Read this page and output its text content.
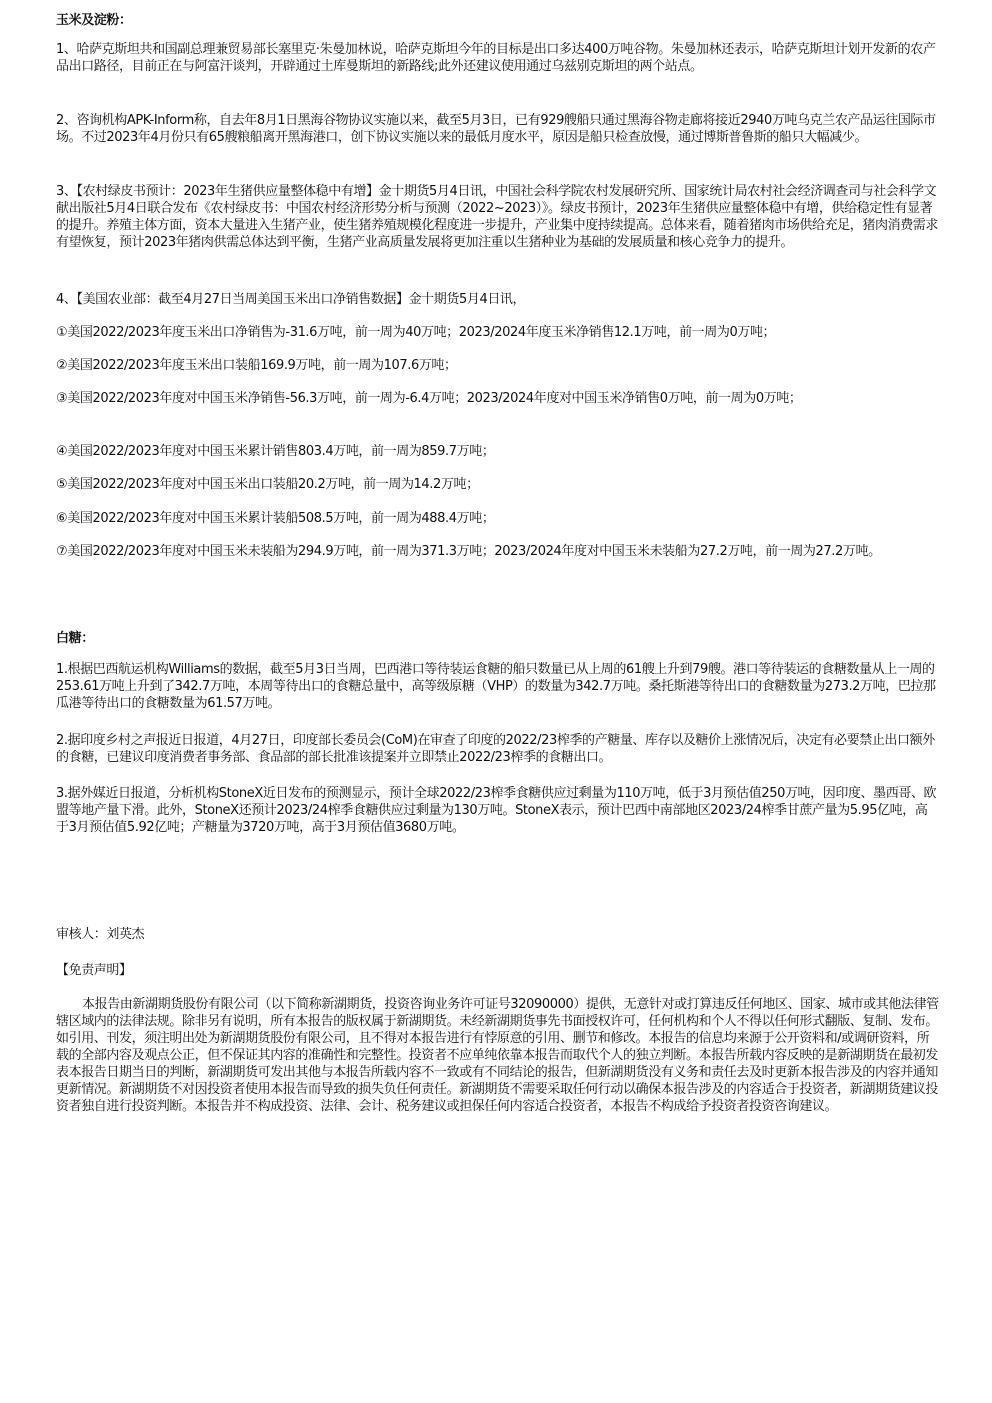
玉米及淀粉：

1、哈萨克斯坦共和国副总理兼贸易部长塞里克·朱曼加林说，哈萨克斯坦今年的目标是出口多达400万吨谷物。朱曼加林还表示，哈萨克斯坦计划开发新的农产品出口路径，目前正在与阿富汗谈判，开辟通过土库曼斯坦的新路线;此外还建议使用通过乌兹别克斯坦的两个站点。

2、咨询机构APK-Inform称，自去年8月1日黑海谷物协议实施以来，截至5月3日，已有929艘船只通过黑海谷物走廊将接近2940万吨乌克兰农产品运往国际市场。不过2023年4月份只有65艘粮船离开黑海港口，创下协议实施以来的最低月度水平，原因是船只检查放慢，通过博斯普鲁斯的船只大幅减少。

3、【农村绿皮书预计：2023年生猪供应量整体稳中有增】金十期货5月4日讯，中国社会科学院农村发展研究所、国家统计局农村社会经济调查司与社会科学文献出版社5月4日联合发布《农村绿皮书：中国农村经济形势分析与预测（2022~2023）》。绿皮书预计，2023年生猪供应量整体稳中有增，供给稳定性有显著的提升。养殖主体方面，资本大量进入生猪产业，使生猪养殖规模化程度进一步提升，产业集中度持续提高。总体来看，随着猪肉市场供给充足，猪肉消费需求有望恢复，预计2023年猪肉供需总体达到平衡，生猪产业高质量发展将更加注重以生猪种业为基础的发展质量和核心竞争力的提升。

4、【美国农业部：截至4月27日当周美国玉米出口净销售数据】金十期货5月4日讯，

①美国2022/2023年度玉米出口净销售为-31.6万吨，前一周为40万吨；2023/2024年度玉米净销售12.1万吨，前一周为0万吨；

②美国2022/2023年度玉米出口装船169.9万吨，前一周为107.6万吨；

③美国2022/2023年度对中国玉米净销售-56.3万吨，前一周为-6.4万吨；2023/2024年度对中国玉米净销售0万吨，前一周为0万吨；

④美国2022/2023年度对中国玉米累计销售803.4万吨，前一周为859.7万吨；

⑤美国2022/2023年度对中国玉米出口装船20.2万吨，前一周为14.2万吨；

⑥美国2022/2023年度对中国玉米累计装船508.5万吨，前一周为488.4万吨；

⑦美国2022/2023年度对中国玉米未装船为294.9万吨，前一周为371.3万吨；2023/2024年度对中国玉米未装船为27.2万吨，前一周为27.2万吨。

白糖：

1.根据巴西航运机构Williams的数据，截至5月3日当周，巴西港口等待装运食糖的船只数量已从上周的61艘上升到79艘。港口等待装运的食糖数量从上一周的253.61万吨上升到了342.7万吨，本周等待出口的食糖总量中，高等级原糖（VHP）的数量为342.7万吨。桑托斯港等待出口的食糖数量为273.2万吨，巴拉那瓜港等待出口的食糖数量为61.57万吨。

2.据印度乡村之声报近日报道，4月27日，印度部长委员会(CoM)在审查了印度的2022/23榨季的产糖量、库存以及糖价上涨情况后，决定有必要禁止出口额外的食糖，已建议印度消费者事务部、食品部的部长批准该提案并立即禁止2022/23榨季的食糖出口。

3.据外媒近日报道，分析机构StoneX近日发布的预测显示，预计全球2022/23榨季食糖供应过剩量为110万吨，低于3月预估值250万吨，因印度、墨西哥、欧盟等地产量下滑。此外，StoneX还预计2023/24榨季食糖供应过剩量为130万吨。StoneX表示，预计巴西中南部地区2023/24榨季甘蔗产量为5.95亿吨，高于3月预估值5.92亿吨；产糖量为3720万吨，高于3月预估值3680万吨。

审核人：刘英杰

【免责声明】

本报告由新湖期货股份有限公司（以下简称新湖期货，投资咨询业务许可证号32090000）提供，无意针对或打算违反任何地区、国家、城市或其他法律管辖区域内的法律法规。除非另有说明，所有本报告的版权属于新湖期货。未经新湖期货事先书面授权许可，任何机构和个人不得以任何形式翻版、复制、发布。如引用、刊发，须注明出处为新湖期货股份有限公司，且不得对本报告进行有悖原意的引用、删节和修改。本报告的信息均来源于公开资料和/或调研资料，所载的全部内容及观点公正，但不保证其内容的准确性和完整性。投资者不应单纯依靠本报告而取代个人的独立判断。本报告所载内容反映的是新湖期货在最初发表本报告日期当日的判断，新湖期货可发出其他与本报告所载内容不一致或有不同结论的报告，但新湖期货没有义务和责任去及时更新本报告涉及的内容并通知更新情况。新湖期货不对因投资者使用本报告而导致的损失负任何责任。新湖期货不需要采取任何行动以确保本报告涉及的内容适合于投资者，新湖期货建议投资者独自进行投资判断。本报告并不构成投资、法律、会计、税务建议或担保任何内容适合投资者，本报告不构成给予投资者投资咨询建议。
